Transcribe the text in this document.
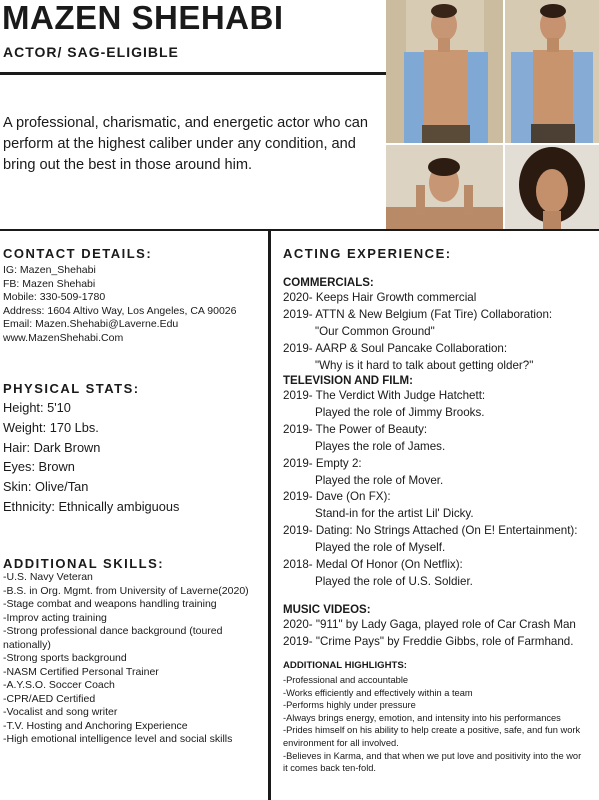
MAZEN SHEHABI
ACTOR/ SAG-ELIGIBLE
A professional, charismatic, and energetic actor who can perform at the highest caliber under any condition, and bring out the best in those around him.
CONTACT DETAILS:
IG: Mazen_Shehabi
FB: Mazen Shehabi
Mobile: 330-509-1780
Address: 1604 Altivo Way, Los Angeles, CA 90026
Email: Mazen.Shehabi@Laverne.Edu
www.MazenShehabi.Com
PHYSICAL STATS:
Height: 5'10
Weight: 170 Lbs.
Hair: Dark Brown
Eyes: Brown
Skin: Olive/Tan
Ethnicity: Ethnically ambiguous
ADDITIONAL SKILLS:
-U.S. Navy Veteran
-B.S. in Org. Mgmt. from University of Laverne(2020)
-Stage combat and weapons handling training
-Improv acting training
-Strong professional dance background (toured
nationally)
-Strong sports background
-NASM Certified Personal Trainer
-A.Y.S.O. Soccer Coach
-CPR/AED Certified
-Vocalist and song writer
-T.V. Hosting and Anchoring Experience
-High emotional intelligence level and social skills
ACTING EXPERIENCE:
COMMERCIALS:
2020- Keeps Hair Growth commercial
2019- ATTN & New Belgium (Fat Tire) Collaboration:
"Our Common Ground"
2019- AARP & Soul Pancake Collaboration:
"Why is it hard to talk about getting older?"
TELEVISION AND FILM:
2019- The Verdict With Judge Hatchett:
Played the role of Jimmy Brooks.
2019- The Power of Beauty:
Playes the role of James.
2019- Empty 2:
Played the role of Mover.
2019- Dave (On FX):
Stand-in for the artist Lil' Dicky.
2019- Dating: No Strings Attached (On E! Entertainment):
Played the role of Myself.
2018- Medal Of Honor (On Netflix):
Played the role of U.S. Soldier.
MUSIC VIDEOS:
2020- "911" by Lady Gaga, played role of Car Crash Man
2019- "Crime Pays" by Freddie Gibbs, role of Farmhand.
ADDITIONAL HIGHLIGHTS:
-Professional and accountable
-Works efficiently and effectively within a team
-Performs highly under pressure
-Always brings energy, emotion, and intensity into his performances
-Prides himself on his ability to help create a positive, safe, and fun work
environment for all involved.
-Believes in Karma, and that when we put love and positivity into the wor
it comes back ten-fold.
